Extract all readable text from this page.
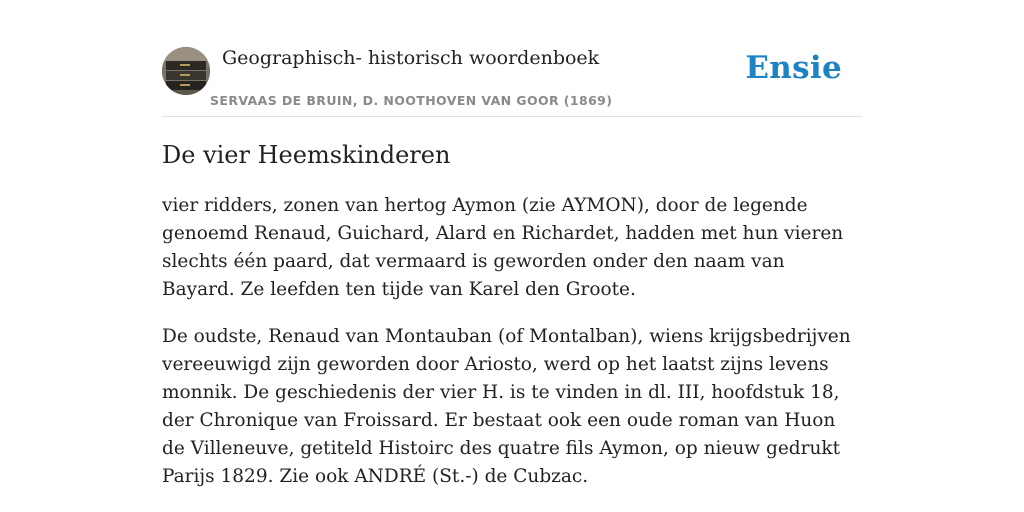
Geographisch- historisch woordenboek
SERVAAS DE BRUIN, D. NOOTHOVEN VAN GOOR (1869)
Ensie
De vier Heemskinderen

vier ridders, zonen van hertog Aymon (zie AYMON), door de legende genoemd Renaud, Guichard, Alard en Richardet, hadden met hun vieren slechts één paard, dat vermaard is geworden onder den naam van Bayard. Ze leefden ten tijde van Karel den Groote.

De oudste, Renaud van Montauban (of Montalban), wiens krijgsbedrijven vereeuwigd zijn geworden door Ariosto, werd op het laatst zijns levens monnik. De geschiedenis der vier H. is te vinden in dl. III, hoofdstuk 18, der Chronique van Froissard. Er bestaat ook een oude roman van Huon de Villeneuve, getiteld Histoirc des quatre fils Aymon, op nieuw gedrukt Parijs 1829. Zie ook ANDRÉ (St.-) de Cubzac.
